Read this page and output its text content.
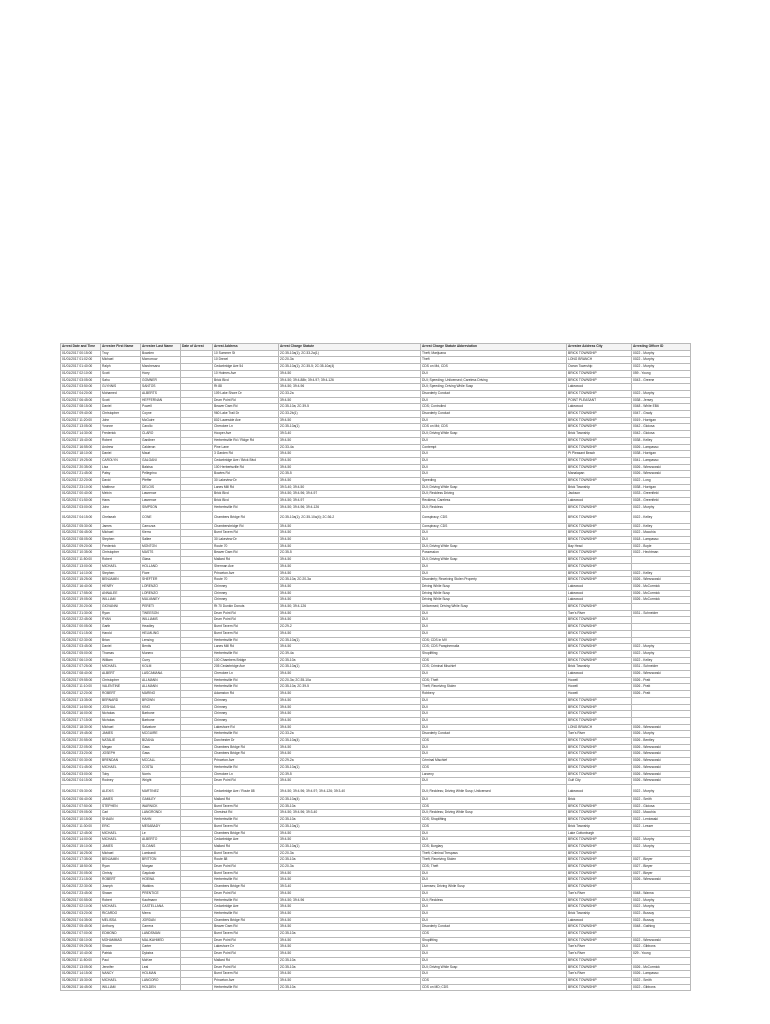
Arrest Date and Time	Arrestee First Name	Arrestee Last Name	Date of Arrest	Arrest Address	Arrest Charge Statute	Arrest Charge Statute Abbreviation	Arrestee Address City	Arresting Officer ID
01/01/2017 00:15:00	Troy	Bowden		10 Summer St	2C:35-10a(1); 2C:33-2a(1)	Theft; Marijuana	BRICK TOWNSHIP	0022 - Murphy
01/01/2017 01:02:00	Michael	Mcmorrow		10 Drexel	2C:20-3a	Theft	LONG BRANCH	0022 - Murphy
01/01/2017 01:40:00	Ralph	Marchesano		Cedarbridge Ave 54	2C:35-10a(1); 2C:35-5; 2C:35-10a(4)	CDS on Md, CDS	Ocean Township	0022 - Murphy
01/01/2017 02:10:00	Scott	Hoey		10 Holmes Ave	39:4-50	DUI	BRICK TOWNSHIP	059 - Young
01/01/2017 03:05:00	Sahu	GOMNER		Brick Blvd	39:4-50; 39:4-88b; 39:4-97; 39:4-126	DUI; Speeding; Unlicensed; Careless Driving	BRICK TOWNSHIP	0043 - Greene
01/01/2017 03:50:00	GLYNNIS	SANTOS		Rt 88	39:4-50; 39:4-96	DUI; Speeding; Driving While Susp	Lakewood	
01/01/2017 04:20:00	Mohamed	ALBERTS		109 Lake Shore Dr	2C:33-2a	Disorderly Conduct	BRICK TOWNSHIP	0022 - Murphy
01/01/2017 06:45:00	Scott	HEFFERNAN		Drum Point Rd	39:4-50	DUI	POINT PLEASANT	0038 - Jersey
01/01/2017 08:15:00	Daniel	Powell		Beaver Dam Rd	2C:35-10a; 2C:39-5	CDS; Controlled	Lakewood	0048 - White EB6
01/01/2017 09:40:00	Christopher	Coyne		960 Lake Trail Dr	2C:33-2b(1)	Disorderly Conduct	BRICK TOWNSHIP	0047 - Grady
01/01/2017 11:20:00	John	McGuire		802 Lawnside Ave	39:4-50	DUI	BRICK TOWNSHIP	0019 - Horrigan
01/01/2017 13:05:00	Yvonne	Carollo		Cherokee Ln	2C:35-10a(1)	CDS on Md; CDS	BRICK TOWNSHIP	0042 - Gioiosa
01/01/2017 14:30:00	Frederick	CLARO		Hooper Ave	39:3-40	DUI; Driving While Susp	Brick Township	0042 - Gioiosa
01/01/2017 15:40:00	Robert	Gardiner		Herbertsville Rd / Ridge Rd	39:4-50	DUI	BRICK TOWNSHIP	0038 - Kelley
01/01/2017 16:55:00	Andrew	Calderon		Pine Lane	2C:33-4a	Contempt	BRICK TOWNSHIP	0026 - Lampasso
01/01/2017 18:10:00	Daniel	Mauri		3 Garden Rd	39:4-50	DUI	Pt Pleasant Beach	0038 - Horrigan
01/01/2017 19:25:00	CAROLYN	GALGANI		Cedarbridge Ave / Brick Blvd	39:4-50	DUI	BRICK TOWNSHIP	0041 - Lampasso
01/01/2017 20:35:00	Lisa	Balzisa		100 Herbertsville Rd	39:4-50	DUI	BRICK TOWNSHIP	0026 - Wiesnowski
01/01/2017 21:45:00	Patsy	Pellegrino		Bowies Rd	2C:35-5	DUI	Manalapan	0026 - Wiesnowski
01/01/2017 22:20:00	David	Pfeffer		30 Lakeview Dr	39:4-50	Speeding	BRICK TOWNSHIP	0022 - Long
01/01/2017 23:10:00	Matthew	DELOIS		Lanes Mill Rd	39:3-40; 39:4-50	DUI; Driving While Susp	Brick Township	0038 - Horrigan
01/02/2017 00:40:00	Melvin	Lawrence		Brick Blvd	39:4-50; 39:4-96; 39:4-97	DUI; Reckless Driving	Jackson	0033 - Greenfield
01/02/2017 01:50:00	Hans	Lawrence		Brick Blvd	39:4-50; 39:4-97	Reckless; Careless	Lakewood	0028 - Greenfield
01/02/2017 03:00:00	John	SIMPSON		Herbertsville Rd	39:4-50; 39:4-96; 39:4-126	DUI; Reckless	BRICK TOWNSHIP	0022 - Murphy
01/02/2017 04:15:00	Chelseah	CONE		Chambers Bridge Rd	2C:35-10a(1); 2C:35-10a(4); 2C:36-2	Conspiracy; CDS	BRICK TOWNSHIP	0022 - Kelley
01/02/2017 05:30:00	James	Carrozza		Chambersbridge Rd	39:4-50	Conspiracy; CDS	BRICK TOWNSHIP	0022 - Kelley
01/02/2017 06:45:00	Michael	Kierra		Burnt Tavern Rd	39:4-50	DUI	BRICK TOWNSHIP	0022 - Macchia
01/02/2017 08:05:00	Stephen	Sallee		30 Lakeview Dr	39:4-50	DUI	BRICK TOWNSHIP	0018 - Lampasso
01/02/2017 09:20:00	Frederick	MONTON		Route 70	39:4-50	DUI; Driving While Susp	Bay Head	0022 - Boyle
01/02/2017 10:35:00	Christopher	MASTS		Beaver Dam Rd	2C:35-5	Possession	BRICK TOWNSHIP	0022 - Hechtman
01/02/2017 11:50:00	Robert	Glass		Mallard Rd	39:4-50	DUI; Driving While Susp	BRICK TOWNSHIP	
01/02/2017 13:00:00	MICHAEL	HOLLAND		Sherman Ave	39:4-50	DUI	BRICK TOWNSHIP	
01/02/2017 14:10:00	Stephen	Fiore		Princeton Ave	39:4-50	DUI	BRICK TOWNSHIP	0022 - Kelley
01/02/2017 15:25:00	BENJAMIN	SHEFTER		Route 70	2C:35-10a; 2C:20-3a	Disorderly; Receiving Stolen Property	BRICK TOWNSHIP	0026 - Wiesnowski
01/02/2017 16:40:00	HENRY	LORENZO		Chimney	39:4-50	Driving While Susp	Lakewood	0026 - McCormick
01/02/2017 17:55:00	ANNALEE	LORENZO		Chimney	39:4-50	Driving While Susp	Lakewood	0026 - McCormick
01/02/2017 19:05:00	WILLIAM	MULVANEY		Chimney	39:4-50	Driving While Susp	Lakewood	0026 - McCormick
01/02/2017 20:20:00	GIOVANNI	PERETI		Rt 70 Dunkin Donuts	39:4-50; 39:4-126	Unlicensed; Driving While Susp	BRICK TOWNSHIP	
01/02/2017 21:30:00	Ryan	TWEESON		Drum Point Rd	39:4-50	DUI	Tom's River	0031 - Schneider
01/02/2017 22:45:00	RYAN	WILLIAMS		Drum Point Rd	39:4-50	DUI	BRICK TOWNSHIP	
01/03/2017 00:05:00	Garth	Headley		Burnt Tavern Rd	2C:29-2	DUI	BRICK TOWNSHIP	
01/03/2017 01:15:00	Harold	HELMLING		Burnt Tavern Rd	39:4-50	DUI	BRICK TOWNSHIP	
01/03/2017 02:30:00	Brian	Lensing		Herbertsville Rd	2C:35-10a(1)	CDS; CDS in MV	BRICK TOWNSHIP	
01/03/2017 03:45:00	Daniel	Bentis		Lanes Mill Rd	39:4-50	CDS; CDS Paraphernalia	BRICK TOWNSHIP	0022 - Murphy
01/03/2017 05:00:00	Thomas	Munero		Herbertsville Rd	2C:39-4a	Shoplifting	BRICK TOWNSHIP	0022 - Murphy
01/03/2017 06:10:00	William	Curry		100 Chambers Bridge	2C:35-10a	CDS	BRICK TOWNSHIP	0022 - Kelley
01/03/2017 07:25:00	MICHAEL	KOLM		205 Cedarbridge Ave	2C:35-10a(1)	CDS; Criminal Mischief	Brick Township	0031 - Schneider
01/03/2017 08:40:00	ALBERT	LASCAMANA		Cherokee Ln	39:4-50	DUI	Lakewood	0026 - Wiesnowski
01/03/2017 09:55:00	Christopher	ALLMANN		Herbertsville Rd	2C:20-3a; 2C:35-10a	CDS; Theft	Howell	0026 - Pratt
01/03/2017 11:10:00	VALENTINE	ALLMANN		Herbertsville Rd	2C:35-10a; 2C:39-5	Theft; Receiving Stolen	Howell	0026 - Pratt
01/03/2017 12:20:00	ROBERT	MARINO		Adamston Rd	39:4-50	Robbery	Howell	0026 - Pratt
01/03/2017 13:35:00	BERNARD	BROWN		Chimney	39:4-50	DUI	BRICK TOWNSHIP	
01/03/2017 14:50:00	JOSHUA	KING		Chimney	39:4-50	DUI	BRICK TOWNSHIP	
01/03/2017 16:00:00	Nicholas	Barbone		Chimney	39:4-50	DUI	BRICK TOWNSHIP	
01/03/2017 17:15:00	Nicholas	Barbone		Chimney	39:4-50	DUI	BRICK TOWNSHIP	
01/03/2017 18:30:00	Michael	Salvatore		Lakeshore Rd	39:4-50	DUI	LONG BRANCH	0026 - Wiesnowski
01/03/2017 19:45:00	JAMES	MCGUIRE		Herbertsville Rd	2C:33-2a	Disorderly Conduct	Tom's River	0026 - Murphy
01/03/2017 20:55:00	NATALIE	BIZANA		Dorchester Dr	2C:35-10a(4)	CDS	BRICK TOWNSHIP	0026 - Bentley
01/03/2017 22:05:00	Megan	Gass		Chambers Bridge Rd	39:4-50	DUI	BRICK TOWNSHIP	0026 - Wiesnowski
01/03/2017 23:20:00	JOSEPH	Gass		Chambers Bridge Rd	39:4-50	DUI	BRICK TOWNSHIP	0026 - Wiesnowski
01/04/2017 00:30:00	BRENDAN	MCCALL		Princeton Ave	2C:29-2a	Criminal Mischief	BRICK TOWNSHIP	0026 - Wiesnowski
01/04/2017 01:45:00	MICHAEL	COSTA		Herbertsville Rd	2C:35-10a(1)	CDS	BRICK TOWNSHIP	0026 - Wiesnowski
01/04/2017 03:00:00	Toby	Norris		Cherokee Ln	2C:39-5	Larceny	BRICK TOWNSHIP	0026 - Wiesnowski
01/04/2017 04:15:00	Rodney	Wright		Drum Point Rd	39:4-50	DUI	Gulf City	0026 - Wiesnowski
01/04/2017 05:30:00	ALEXIS	MARTINEZ		Cedarbridge Ave / Route 88	39:4-50; 39:4-96; 39:4-97; 39:4-126; 39:3-40	DUI; Reckless; Driving While Susp; Unlicensed	Lakewood	0022 - Murphy
01/04/2017 06:40:00	JAMES	GAMLEY		Mallard Rd	2C:35-10a(4)	DUI	Brick	0022 - Smith
01/04/2017 07:50:00	STEPHEN	WARNICK		Burnt Tavern Rd	2C:35-10a	CDS	BRICK TOWNSHIP	0022 - Gioiosa
01/04/2017 09:05:00	Carl	LANGRONDI		Chestnut Rd	39:4-50; 39:4-96; 39:3-40	DUI; Reckless; Driving While Susp	BRICK TOWNSHIP	0022 - Macchia
01/04/2017 10:15:00	SHAUN	HAHN		Herbertsville Rd	2C:35-10a	CDS; Shoplifting	BRICK TOWNSHIP	0022 - Lentowski
01/04/2017 11:30:00	ERIC	MESABADY		Burnt Tavern Rd	2C:35-10a(1)	CDS	Brick Township	0022 - Lesser
01/04/2017 12:45:00	MICHAEL	Le		Chambers Bridge Rd	39:4-50	DUI	Lake Cottonburgh	
01/04/2017 14:00:00	MICHAEL	ALBERTO		Cedarbridge Ave	39:4-50	DUI	BRICK TOWNSHIP	0022 - Murphy
01/04/2017 15:10:00	JAMES	SLOANS		Mallard Rd	2C:35-10a(1)	CDS; Burglary	BRICK TOWNSHIP	0022 - Murphy
01/04/2017 16:25:00	Michael	Lombardi		Burnt Tavern Rd	2C:20-3a	Theft; Criminal Trespass	BRICK TOWNSHIP	
01/04/2017 17:35:00	BENJAMIN	BRITTON		Route 88	2C:35-10a	Theft; Receiving Stolen	BRICK TOWNSHIP	0027 - Bieyer
01/04/2017 18:50:00	Ryan	Morgan		Drum Point Rd	2C:20-3a	CDS; Theft	BRICK TOWNSHIP	0027 - Bieyer
01/04/2017 20:05:00	Christy	Gaydosh		Burnt Tavern Rd	39:4-50	DUI	BRICK TOWNSHIP	0027 - Bieyer
01/04/2017 21:15:00	ROBERT	HOEWA		Herbertsville Rd	39:4-50	DUI	BRICK TOWNSHIP	0026 - Wiesnowski
01/04/2017 22:30:00	Joseph	Watkins		Chambers Bridge Rd	39:3-40	Licenses; Driving While Susp	BRICK TOWNSHIP	
01/04/2017 23:45:00	Shawn	PRENTICE		Drum Point Rd	39:4-50	DUI	Tom's River	0048 - Wanna
01/05/2017 00:55:00	Robert	Kaufmann		Herbertsville Rd	39:4-50; 39:4-96	DUI; Reckless	BRICK TOWNSHIP	0022 - Murphy
01/05/2017 02:10:00	MICHAEL	CASTELLANA		Cedarbridge Ave	39:4-50	DUI	BRICK TOWNSHIP	0022 - Murphy
01/05/2017 03:20:00	RICARDO	Merra		Herbertsville Rd	39:4-50	DUI	Brick Township	0022 - Bussoy
01/05/2017 04:35:00	MELISSA	JORDAN		Chambers Bridge Rd	39:4-50	DUI	Lakewood	0022 - Bussoy
01/05/2017 05:45:00	Anthony	Carrera		Beaver Dam Rd	39:4-50	Disorderly Conduct	BRICK TOWNSHIP	0048 - Gathing
01/05/2017 07:00:00	EDMOND	LANDSMAN		Burnt Tavern Rd	2C:35-10a	CDS	BRICK TOWNSHIP	
01/05/2017 08:10:00	MOHAMMAD	MALIKAHMED		Drum Point Rd	39:4-50	Shoplifting	BRICK TOWNSHIP	0022 - Wiesnowski
01/05/2017 09:25:00	Shawn	Carter		Lakeshore Dr	39:4-50	DUI	Tom's River	0022 - Gibbons
01/05/2017 10:40:00	Patrick	Dykstra		Drum Point Rd	39:4-50	DUI	Tom's River	029 - Young
01/05/2017 11:50:00	Paul	McKee		Mallard Rd	2C:35-10a	DUI	BRICK TOWNSHIP	
01/05/2017 13:05:00	Jennifer	Leal		Drum Point Rd	2C:35-10a	DUI; Driving While Susp	BRICK TOWNSHIP	0026 - McCormick
01/05/2017 14:15:00	NANCY	HOLMAN		Burnt Tavern Rd	39:4-50	DUI	Tom's River	0026 - Lampasso
01/05/2017 15:30:00	MICHAEL	LANGORO		Princeton Ave	39:4-50	CDS	BRICK TOWNSHIP	0022 - Smith
01/05/2017 16:45:00	WILLIAM	HOLDEN		Herbertsville Rd	2C:35-10a	CDS on MD; CDS	BRICK TOWNSHIP	0022 - Gibbons
